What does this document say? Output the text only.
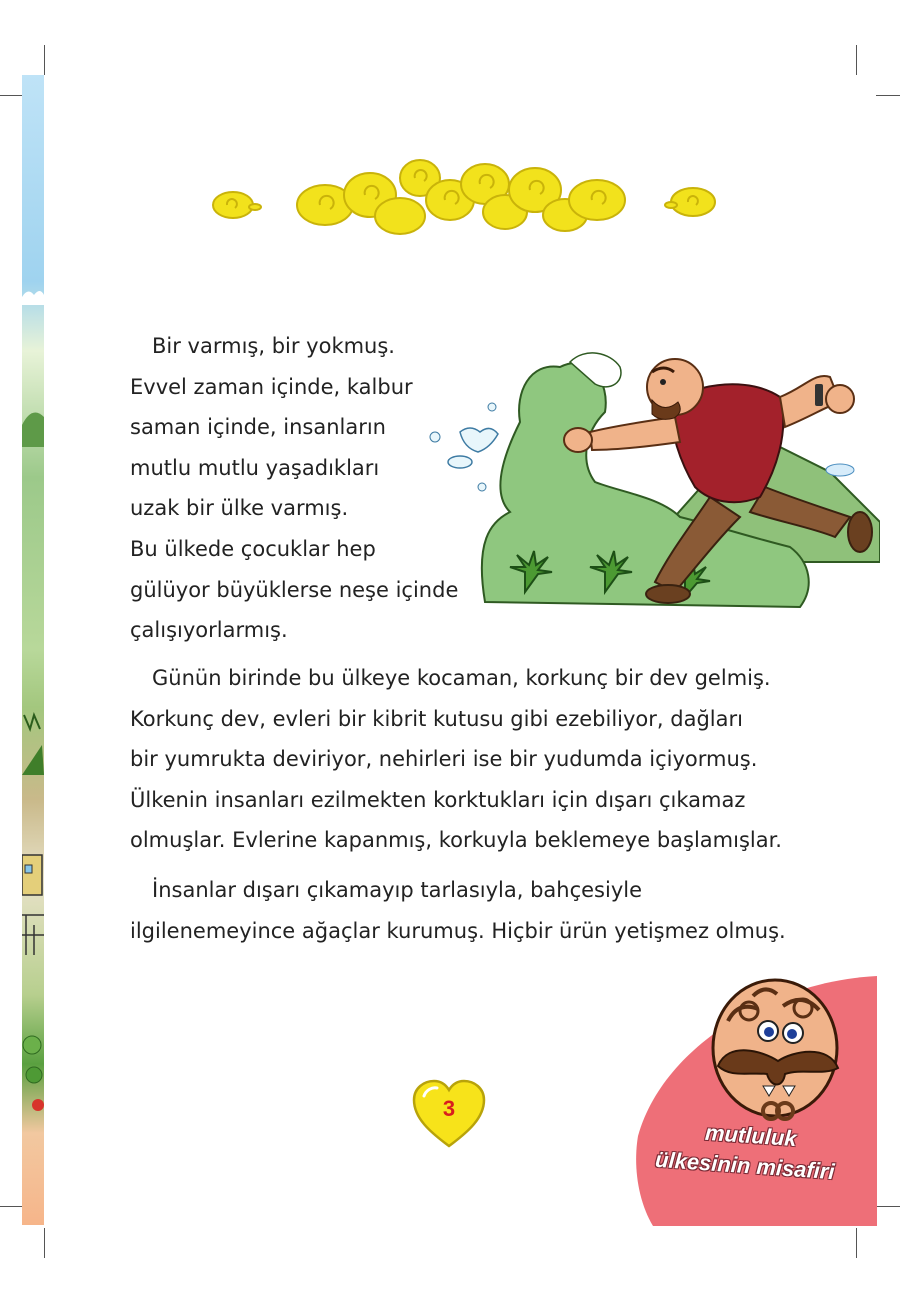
Bir varmış, bir yokmuş.
Evvel zaman içinde, kalbur
saman içinde, insanların
mutlu mutlu yaşadıkları
uzak bir ülke varmış.
Bu ülkede çocuklar hep
gülüyor büyüklerse neşe içinde
çalışıyorlarmış.

Günün birinde bu ülkeye kocaman, korkunç bir dev gelmiş.
Korkunç dev, evleri bir kibrit kutusu gibi ezebiliyor, dağları
bir yumrukta deviriyor, nehirleri ise bir yudumda içiyormuş.
Ülkenin insanları ezilmekten korktukları için dışarı çıkamaz
olmuşlar. Evlerine kapanmış, korkuyla beklemeye başlamışlar.

İnsanlar dışarı çıkamayıp tarlasıyla, bahçesiyle
ilgilenemeyince ağaçlar kurumuş. Hiçbir ürün yetişmez olmuş.

3
mutluluk
ülkesinin misafiri
